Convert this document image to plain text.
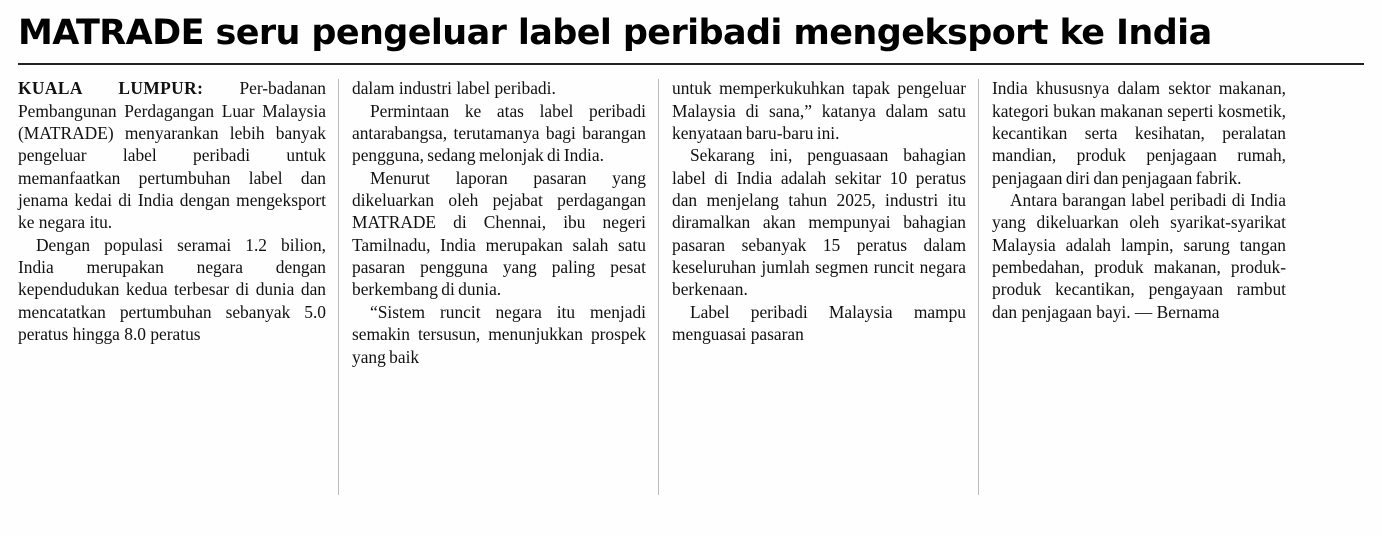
MATRADE seru pengeluar label peribadi mengeksport ke India

KUALA LUMPUR: Per-badanan Pembangunan Perdagangan Luar Malaysia (MATRADE) menyarankan lebih banyak pengeluar label peribadi untuk memanfaatkan pertumbuhan label dan jenama kedai di India dengan mengeksport ke negara itu.

Dengan populasi seramai 1.2 bilion, India merupakan negara dengan kependudukan kedua terbesar di dunia dan mencatatkan pertumbuhan sebanyak 5.0 peratus hingga 8.0 peratus

dalam industri label peribadi.

Permintaan ke atas label peribadi antarabangsa, terutamanya bagi barangan pengguna, sedang melonjak di India.

Menurut laporan pasaran yang dikeluarkan oleh pejabat perdagangan MATRADE di Chennai, ibu negeri Tamilnadu, India merupakan salah satu pasaran pengguna yang paling pesat berkembang di dunia.

“Sistem runcit negara itu menjadi semakin tersusun, menunjukkan prospek yang baik

untuk memperkukuhkan tapak pengeluar Malaysia di sana,” katanya dalam satu kenyataan baru-baru ini.

Sekarang ini, penguasaan bahagian label di India adalah sekitar 10 peratus dan menjelang tahun 2025, industri itu diramalkan akan mempunyai bahagian pasaran sebanyak 15 peratus dalam keseluruhan jumlah segmen runcit negara berkenaan.

Label peribadi Malaysia mampu menguasai pasaran

India khususnya dalam sektor makanan, kategori bukan makanan seperti kosmetik, kecantikan serta kesihatan, peralatan mandian, produk penjagaan rumah, penjagaan diri dan penjagaan fabrik.

Antara barangan label peribadi di India yang dikeluarkan oleh syarikat-syarikat Malaysia adalah lampin, sarung tangan pembedahan, produk makanan, produk-produk kecantikan, pengayaan rambut dan penjagaan bayi. — Bernama
